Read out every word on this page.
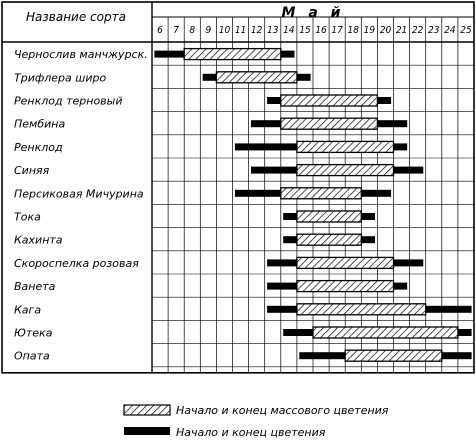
Название сорта	М а й
6 7 8 9 10 11 12 13 14 15 16 17 18 19 20 21 22 23 24 25
Чернослив манчжурск.
Трифлера широ
Ренклод терновый
Пембина
Ренклод
Синяя
Персиковая Мичурина
Тока
Кахинта
Скороспелка розовая
Ванета
Кага
Ютека
Опата
Начало и конец массового цветения
Начало и конец цветения
